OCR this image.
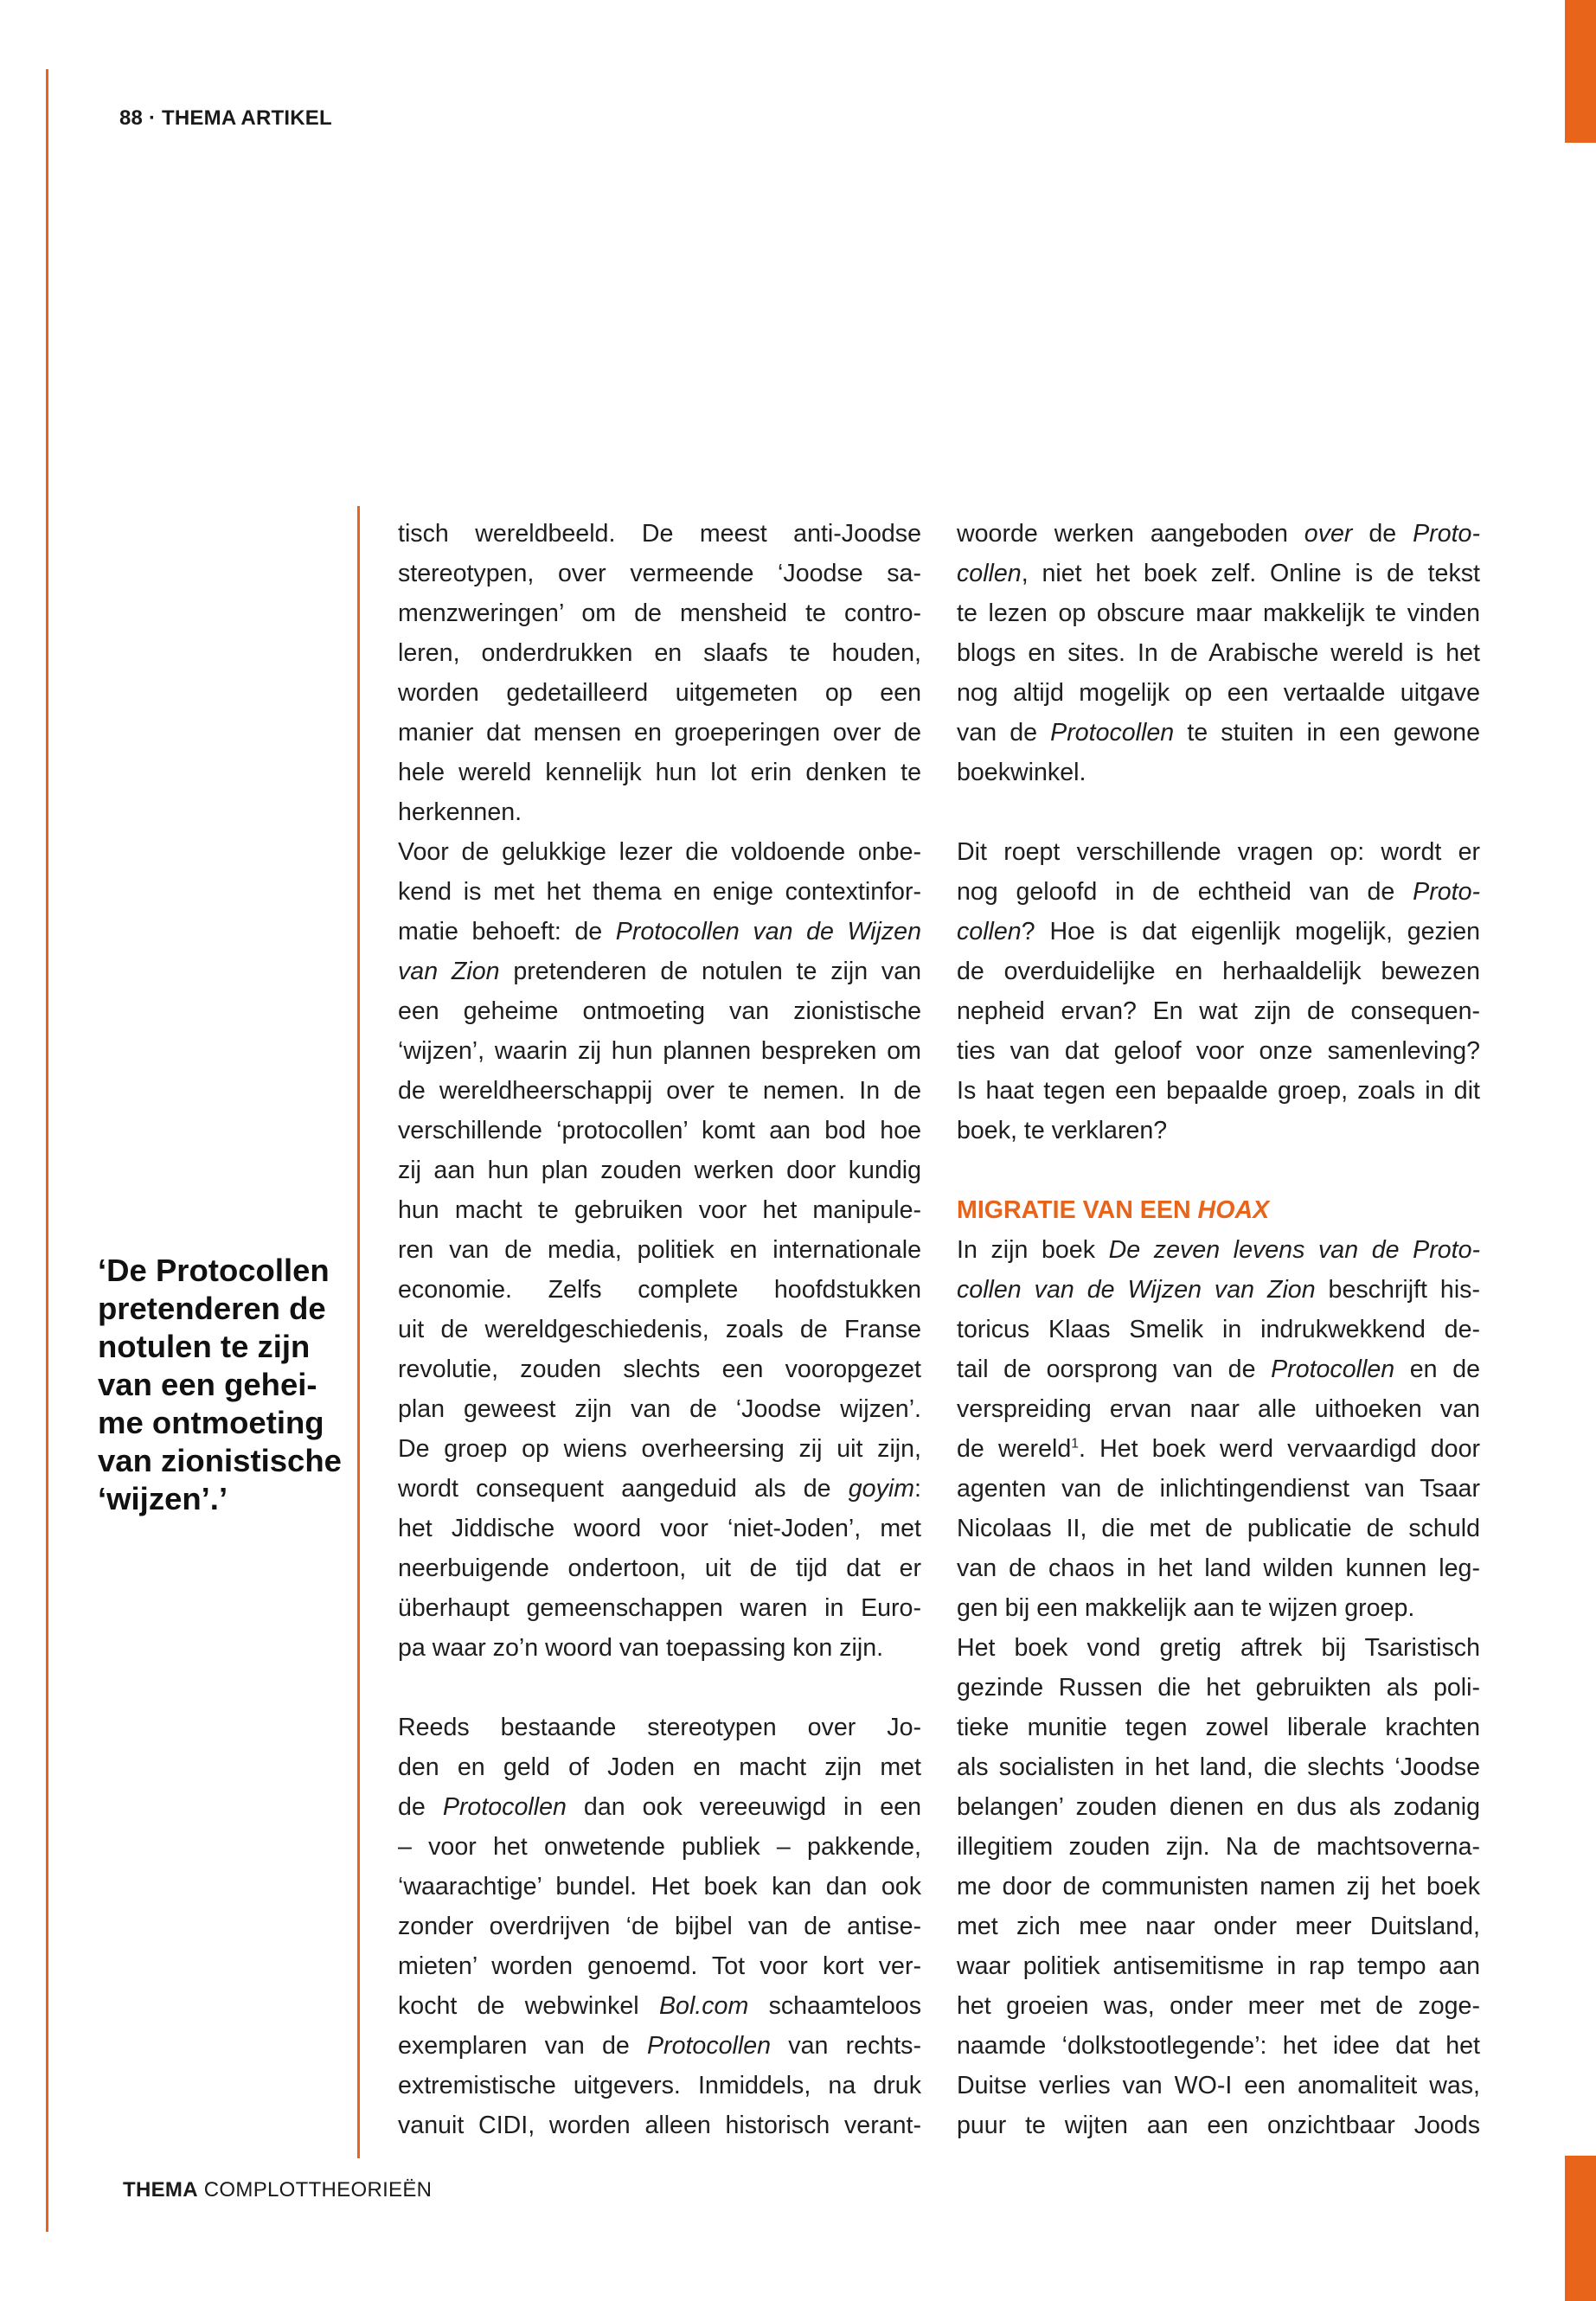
88 · THEMA ARTIKEL
‘De Protocollen
pretenderen de
notulen te zijn
van een gehei-
me ontmoeting
van zionistische
‘wijzen’.’
tisch wereldbeeld. De meest anti-Joodse
stereotypen, over vermeende ‘Joodse sa-
menzweringen’ om de mensheid te contro-
leren, onderdrukken en slaafs te houden,
worden gedetailleerd uitgemeten op een
manier dat mensen en groeperingen over de
hele wereld kennelijk hun lot erin denken te
herkennen.
Voor de gelukkige lezer die voldoende onbe-
kend is met het thema en enige contextinfor-
matie behoeft: de Protocollen van de Wijzen
van Zion pretenderen de notulen te zijn van
een geheime ontmoeting van zionistische
‘wijzen’, waarin zij hun plannen bespreken om
de wereldheerschappij over te nemen. In de
verschillende ‘protocollen’ komt aan bod hoe
zij aan hun plan zouden werken door kundig
hun macht te gebruiken voor het manipule-
ren van de media, politiek en internationale
economie. Zelfs complete hoofdstukken
uit de wereldgeschiedenis, zoals de Franse
revolutie, zouden slechts een vooropgezet
plan geweest zijn van de ‘Joodse wijzen’.
De groep op wiens overheersing zij uit zijn,
wordt consequent aangeduid als de goyim:
het Jiddische woord voor ‘niet-Joden’, met
neerbuigende ondertoon, uit de tijd dat er
überhaupt gemeenschappen waren in Euro-
pa waar zo’n woord van toepassing kon zijn.
Reeds bestaande stereotypen over Jo-
den en geld of Joden en macht zijn met
de Protocollen dan ook vereeuwigd in een
– voor het onwetende publiek – pakkende,
‘waarachtige’ bundel. Het boek kan dan ook
zonder overdrijven ‘de bijbel van de antise-
mieten’ worden genoemd. Tot voor kort ver-
kocht de webwinkel Bol.com schaamteloos
exemplaren van de Protocollen van rechts-
extremistische uitgevers. Inmiddels, na druk
vanuit CIDI, worden alleen historisch verant-
woorde werken aangeboden over de Proto-
collen, niet het boek zelf. Online is de tekst
te lezen op obscure maar makkelijk te vinden
blogs en sites. In de Arabische wereld is het
nog altijd mogelijk op een vertaalde uitgave
van de Protocollen te stuiten in een gewone
boekwinkel.
Dit roept verschillende vragen op: wordt er
nog geloofd in de echtheid van de Proto-
collen? Hoe is dat eigenlijk mogelijk, gezien
de overduidelijke en herhaaldelijk bewezen
nepheid ervan? En wat zijn de consequen-
ties van dat geloof voor onze samenleving?
Is haat tegen een bepaalde groep, zoals in dit
boek, te verklaren?
MIGRATIE VAN EEN HOAX
In zijn boek De zeven levens van de Proto-
collen van de Wijzen van Zion beschrijft his-
toricus Klaas Smelik in indrukwekkend de-
tail de oorsprong van de Protocollen en de
verspreiding ervan naar alle uithoeken van
de wereld$^1$. Het boek werd vervaardigd door
agenten van de inlichtingendienst van Tsaar
Nicolaas II, die met de publicatie de schuld
van de chaos in het land wilden kunnen leg-
gen bij een makkelijk aan te wijzen groep.
Het boek vond gretig aftrek bij Tsaristisch
gezinde Russen die het gebruikten als poli-
tieke munitie tegen zowel liberale krachten
als socialisten in het land, die slechts ‘Joodse
belangen’ zouden dienen en dus als zodanig
illegitiem zouden zijn. Na de machtsoverna-
me door de communisten namen zij het boek
met zich mee naar onder meer Duitsland,
waar politiek antisemitisme in rap tempo aan
het groeien was, onder meer met de zoge-
naamde ‘dolkstootlegende’: het idee dat het
Duitse verlies van WO-I een anomaliteit was,
puur te wijten aan een onzichtbaar Joods
THEMA COMPLOTTHEORIEËN
